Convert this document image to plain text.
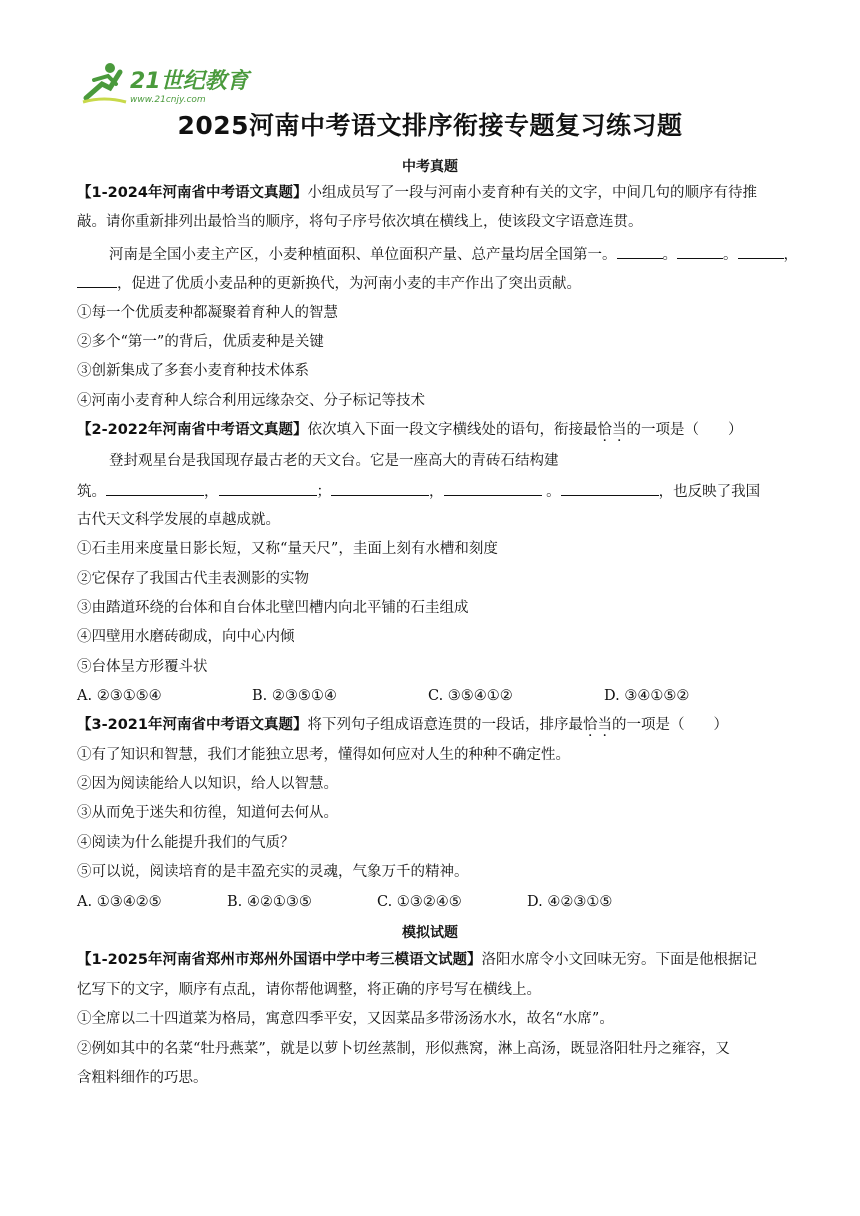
21世纪教育
www.21cnjy.com
2025河南中考语文排序衔接专题复习练习题
中考真题
【1-2024年河南省中考语文真题】小组成员写了一段与河南小麦育种有关的文字，中间几句的顺序有待推
敲。请你重新排列出最恰当的顺序，将句子序号依次填在横线上，使该段文字语意连贯。
河南是全国小麦主产区，小麦种植面积、单位面积产量、总产量均居全国第一。	。	。	，
，促进了优质小麦品种的更新换代，为河南小麦的丰产作出了突出贡献。
①每一个优质麦种都凝聚着育种人的智慧
②多个“第一”的背后，优质麦种是关键
③创新集成了多套小麦育种技术体系
④河南小麦育种人综合利用远缘杂交、分子标记等技术
【2-2022年河南省中考语文真题】依次填入下面一段文字横线处的语句，衔接最恰当的一项是（　　）
登封观星台是我国现存最古老的天文台。它是一座高大的青砖石结构建
筑。	，	；	，	。	，也反映了我国
古代天文科学发展的卓越成就。
①石圭用来度量日影长短，又称“量天尺”，圭面上刻有水槽和刻度
②它保存了我国古代圭表测影的实物
③由踏道环绕的台体和自台体北壁凹槽内向北平铺的石圭组成
④四壁用水磨砖砌成，向中心内倾
⑤台体呈方形覆斗状
A. ②③①⑤④	B. ②③⑤①④	C. ③⑤④①②	D. ③④①⑤②
【3-2021年河南省中考语文真题】将下列句子组成语意连贯的一段话，排序最恰当的一项是（　　）
①有了知识和智慧，我们才能独立思考，懂得如何应对人生的种种不确定性。
②因为阅读能给人以知识，给人以智慧。
③从而免于迷失和彷徨，知道何去何从。
④阅读为什么能提升我们的气质？
⑤可以说，阅读培育的是丰盈充实的灵魂，气象万千的精神。
A. ①③④②⑤	B. ④②①③⑤	C. ①③②④⑤	D. ④②③①⑤
模拟试题
【1-2025年河南省郑州市郑州外国语中学中考三模语文试题】洛阳水席令小文回味无穷。下面是他根据记
忆写下的文字，顺序有点乱，请你帮他调整，将正确的序号写在横线上。
①全席以二十四道菜为格局，寓意四季平安，又因菜品多带汤汤水水，故名“水席”。
②例如其中的名菜“牡丹燕菜”，就是以萝卜切丝蒸制，形似燕窝，淋上高汤，既显洛阳牡丹之雍容，又
含粗料细作的巧思。
